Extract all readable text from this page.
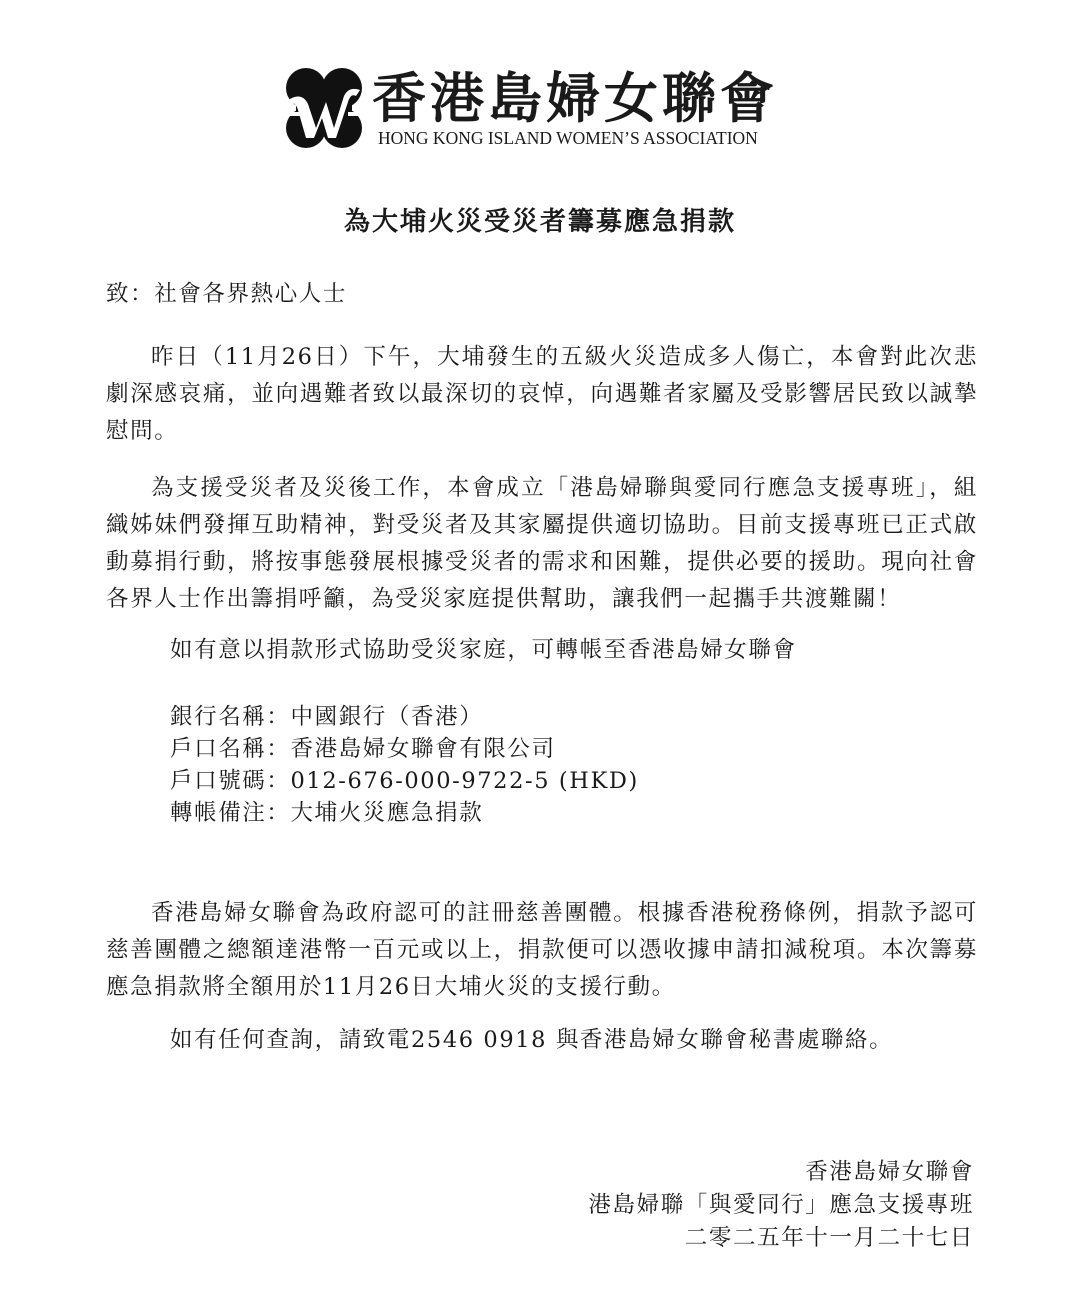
香港島婦女聯會
HONG KONG ISLAND WOMEN’S ASSOCIATION
為大埔火災受災者籌募應急捐款
致：社會各界熱心人士
昨日（11月26日）下午，大埔發生的五級火災造成多人傷亡，本會對此次悲劇深感哀痛，並向遇難者致以最深切的哀悼，向遇難者家屬及受影響居民致以誠摯慰問。
為支援受災者及災後工作，本會成立「港島婦聯與愛同行應急支援專班」，組織姊妹們發揮互助精神，對受災者及其家屬提供適切協助。目前支援專班已正式啟動募捐行動，將按事態發展根據受災者的需求和困難，提供必要的援助。現向社會各界人士作出籌捐呼籲，為受災家庭提供幫助，讓我們一起攜手共渡難關！
如有意以捐款形式協助受災家庭，可轉帳至香港島婦女聯會
銀行名稱：中國銀行（香港）
戶口名稱：香港島婦女聯會有限公司
戶口號碼：012-676-000-9722-5 (HKD)
轉帳備注：大埔火災應急捐款
香港島婦女聯會為政府認可的註冊慈善團體。根據香港稅務條例，捐款予認可慈善團體之總額達港幣一百元或以上，捐款便可以憑收據申請扣減稅項。本次籌募應急捐款將全額用於11月26日大埔火災的支援行動。
如有任何查詢，請致電2546 0918 與香港島婦女聯會秘書處聯絡。
香港島婦女聯會
港島婦聯「與愛同行」應急支援專班
二零二五年十一月二十七日
